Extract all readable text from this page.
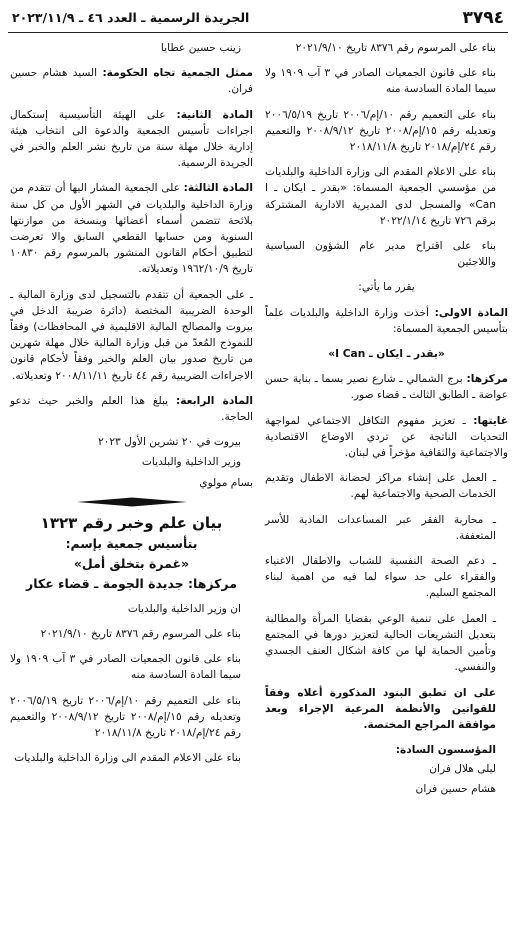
٣٧٩٤
الجريدة الرسمية ـ العدد ٤٦ ـ ٢٠٢٣/١١/٩

بناء على المرسوم رقم ٨٣٧٦ تاريخ ٢٠٢١/٩/١٠

بناء على قانون الجمعيات الصادر في ٣ آب ١٩٠٩ ولا سيما المادة السادسة منه

بناء على التعميم رقم ١٠/إم/٢٠٠٦ تاريخ ٢٠٠٦/٥/١٩ وتعديله رقم ١٥/إم/٢٠٠٨ تاريخ ٢٠٠٨/٩/١٢ والتعميم رقم ٢٤/إم/٢٠١٨ تاريخ ٢٠١٨/١١/٨

بناء على الاعلام المقدم الى وزارة الداخلية والبلديات من مؤسسي الجمعية المسماة: «بقدر ـ ايكان ـ I Can» والمسجل لدى المديرية الادارية المشتركة برقم ٧٢٦ تاريخ ٢٠٢٢/١/١٤

بناء على اقتراح مدير عام الشؤون السياسية واللاجئين

يقرر ما يأتي:

المادة الاولى: أخذت وزارة الداخلية والبلديات علماً بتأسيس الجمعية المسماة:

«بقدر ـ ايكان ـ I Can»

مركزها: برج الشمالي ـ شارع نصير بسما ـ بناية حسن عواضة ـ الطابق الثالث ـ قضاء صور.

غايتها: ـ تعزيز مفهوم التكافل الاجتماعي لمواجهة التحديات الناتجة عن تردي الاوضاع الاقتصادية والاجتماعية والثقافية مؤخراً في لبنان.

ـ العمل على إنشاء مراكز لحضانة الاطفال وتقديم الخدمات الصحية والاجتماعية لهم.

ـ محاربة الفقر عبر المساعدات المادية للأسر المتعففة.

ـ دعم الصحة النفسية للشباب والاطفال الاغنياء والفقراء على حد سواء لما فيه من اهمية لبناء المجتمع السليم.

ـ العمل على تنمية الوعي بقضايا المرأة والمطالبة بتعديل التشريعات الحالية لتعزيز دورها في المجتمع وتأمين الحماية لها من كافة اشكال العنف الجسدي والنفسي.

على ان تطبق البنود المذكورة أعلاه وفقاً للقوانين والأنظمة المرعية الإجراء وبعد موافقة المراجع المختصة.

المؤسسون السادة:

ليلى هلال فران

هشام حسين فران

زينب حسين عطايا

ممثل الجمعية تجاه الحكومة: السيد هشام حسين فران.

المادة الثانية: على الهيئة التأسيسية إستكمال اجراءات تأسيس الجمعية والدعوة الى انتخاب هيئة إدارية خلال مهلة سنة من تاريخ نشر العلم والخبر في الجريدة الرسمية.

المادة الثالثة: على الجمعية المشار اليها أن تتقدم من وزارة الداخلية والبلديات في الشهر الأول من كل سنة بلائحة تتضمن أسماء أعضائها وبنسخة من موازنتها السنوية ومن حسابها القطعي السابق والا تعرضت لتطبيق أحكام القانون المنشور بالمرسوم رقم ١٠٨٣٠ تاريخ ١٩٦٢/١٠/٩ وتعديلاته.

ـ على الجمعية أن تتقدم بالتسجيل لدى وزارة المالية ـ الوحدة الضريبية المختصة (دائرة ضريبة الدخل في بيروت والمصالح المالية الاقليمية في المحافظات) وفقاً للنموذج المُعدّ من قبل وزارة المالية خلال مهلة شهرين من تاريخ صدور بيان العلم والخبر وفقاً لأحكام قانون الاجراءات الضريبية رقم ٤٤ تاريخ ٢٠٠٨/١١/١١ وتعديلاته.

المادة الرابعة: يبلغ هذا العلم والخبر حيث تدعو الحاجة.

بيروت في ٢٠ تشرين الأول ٢٠٢٣

وزير الداخلية والبلديات

بسام مولوي

بيان علم وخبر رقم ١٣٢٣

بتأسيس جمعية بإسم:

«غمرة بتخلق أمل»

مركزها: جديدة الجومة ـ قضاء عكار

ان وزير الداخلية والبلديات

بناء على المرسوم رقم ٨٣٧٦ تاريخ ٢٠٢١/٩/١٠

بناء على قانون الجمعيات الصادر في ٣ آب ١٩٠٩ ولا سيما المادة السادسة منه

بناء على التعميم رقم ١٠/إم/٢٠٠٦ تاريخ ٢٠٠٦/٥/١٩ وتعديله رقم ١٥/إم/٢٠٠٨ تاريخ ٢٠٠٨/٩/١٢ والتعميم رقم ٢٤/إم/٢٠١٨ تاريخ ٢٠١٨/١١/٨

بناء على الاعلام المقدم الى وزارة الداخلية والبلديات
